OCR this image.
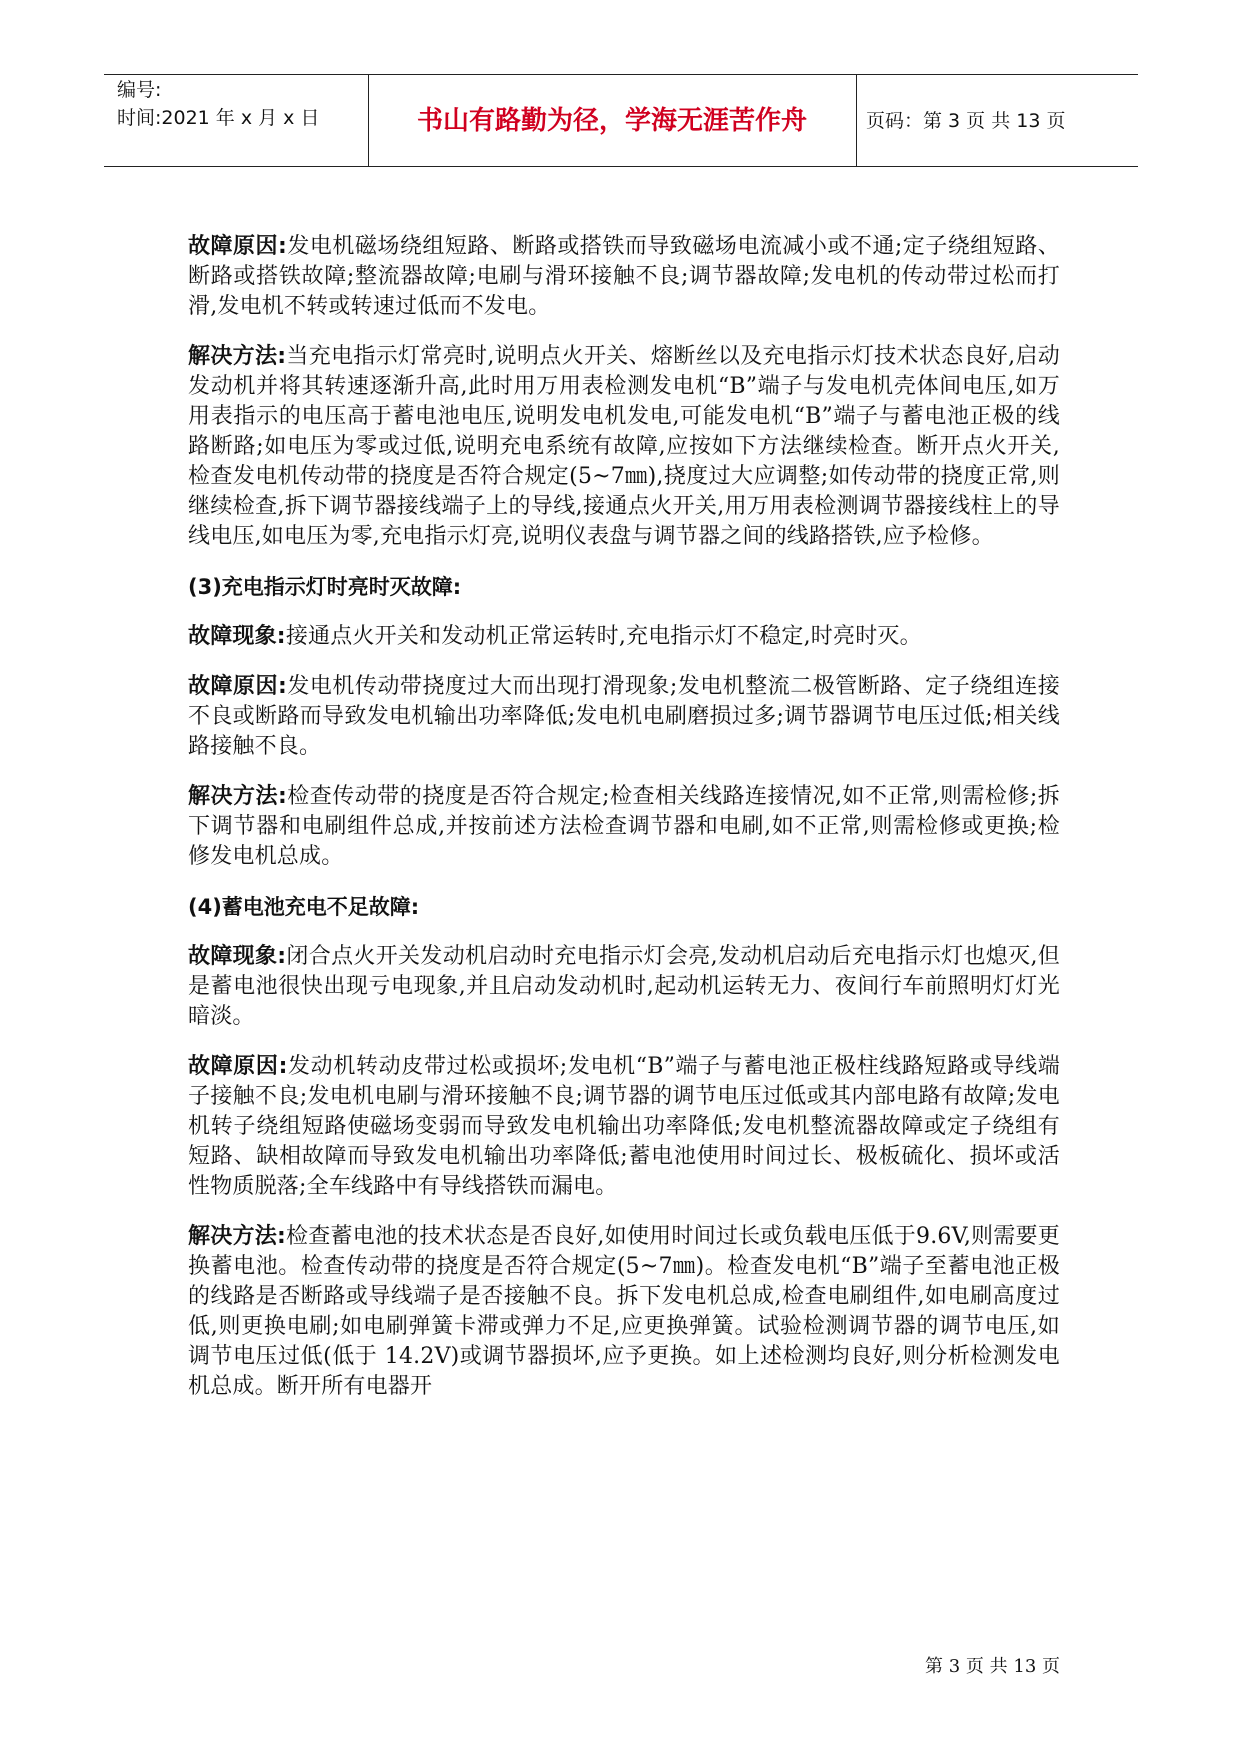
编号:
时间:2021 年 x 月 x 日	书山有路勤为径，学海无涯苦作舟	页码：第 3 页 共 13 页

故障原因:发电机磁场绕组短路、断路或搭铁而导致磁场电流减小或不通;定子绕组短路、断路或搭铁故障;整流器故障;电刷与滑环接触不良;调节器故障;发电机的传动带过松而打滑,发电机不转或转速过低而不发电。

解决方法:当充电指示灯常亮时,说明点火开关、熔断丝以及充电指示灯技术状态良好,启动发动机并将其转速逐渐升高,此时用万用表检测发电机“B”端子与发电机壳体间电压,如万用表指示的电压高于蓄电池电压,说明发电机发电,可能发电机“B”端子与蓄电池正极的线路断路;如电压为零或过低,说明充电系统有故障,应按如下方法继续检查。断开点火开关,检查发电机传动带的挠度是否符合规定(5~7㎜),挠度过大应调整;如传动带的挠度正常,则继续检查,拆下调节器接线端子上的导线,接通点火开关,用万用表检测调节器接线柱上的导线电压,如电压为零,充电指示灯亮,说明仪表盘与调节器之间的线路搭铁,应予检修。

(3)充电指示灯时亮时灭故障:

故障现象:接通点火开关和发动机正常运转时,充电指示灯不稳定,时亮时灭。

故障原因:发电机传动带挠度过大而出现打滑现象;发电机整流二极管断路、定子绕组连接不良或断路而导致发电机输出功率降低;发电机电刷磨损过多;调节器调节电压过低;相关线路接触不良。

解决方法:检查传动带的挠度是否符合规定;检查相关线路连接情况,如不正常,则需检修;拆下调节器和电刷组件总成,并按前述方法检查调节器和电刷,如不正常,则需检修或更换;检修发电机总成。

(4)蓄电池充电不足故障:

故障现象:闭合点火开关发动机启动时充电指示灯会亮,发动机启动后充电指示灯也熄灭,但是蓄电池很快出现亏电现象,并且启动发动机时,起动机运转无力、夜间行车前照明灯灯光暗淡。

故障原因:发动机转动皮带过松或损坏;发电机“B”端子与蓄电池正极柱线路短路或导线端子接触不良;发电机电刷与滑环接触不良;调节器的调节电压过低或其内部电路有故障;发电机转子绕组短路使磁场变弱而导致发电机输出功率降低;发电机整流器故障或定子绕组有短路、缺相故障而导致发电机输出功率降低;蓄电池使用时间过长、极板硫化、损坏或活性物质脱落;全车线路中有导线搭铁而漏电。

解决方法:检查蓄电池的技术状态是否良好,如使用时间过长或负载电压低于9.6V,则需要更换蓄电池。检查传动带的挠度是否符合规定(5~7㎜)。检查发电机“B”端子至蓄电池正极的线路是否断路或导线端子是否接触不良。拆下发电机总成,检查电刷组件,如电刷高度过低,则更换电刷;如电刷弹簧卡滞或弹力不足,应更换弹簧。试验检测调节器的调节电压,如调节电压过低(低于 14.2V)或调节器损坏,应予更换。如上述检测均良好,则分析检测发电机总成。断开所有电器开

第 3 页 共 13 页
